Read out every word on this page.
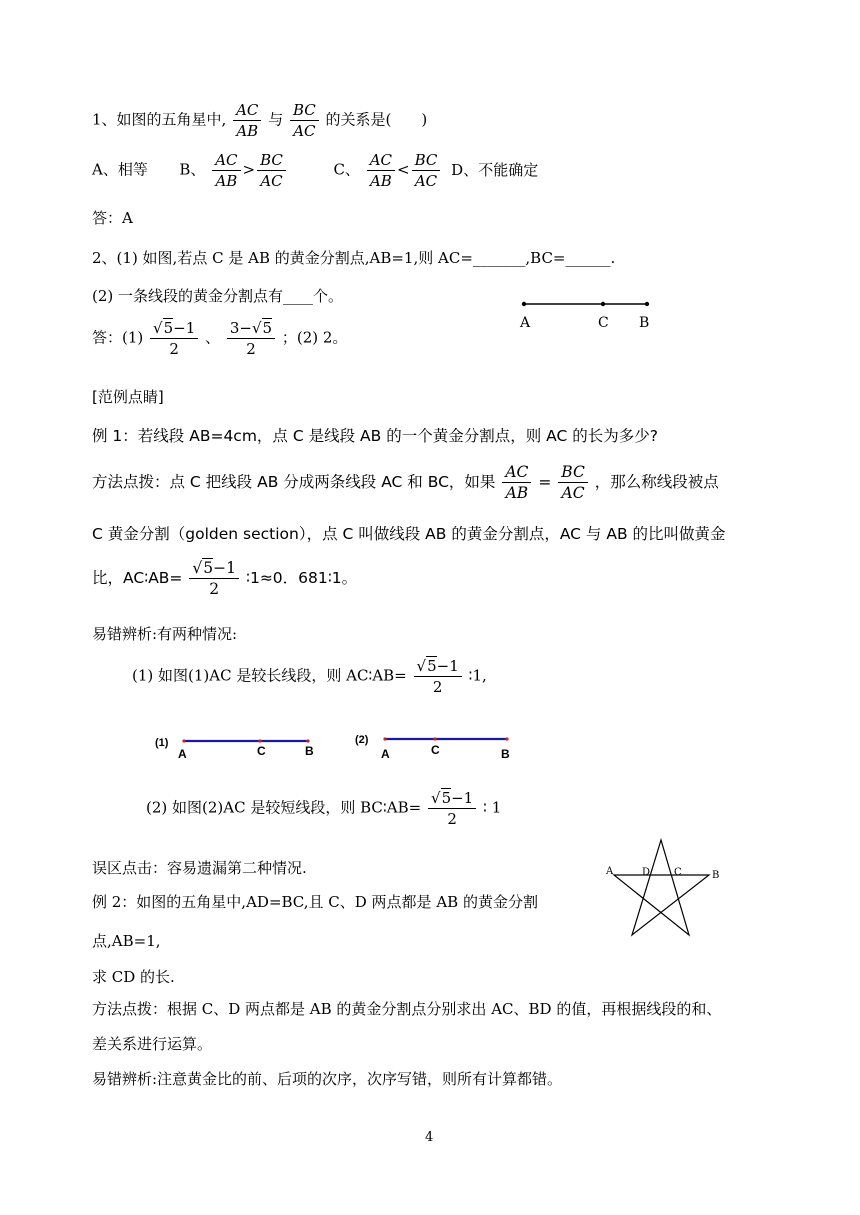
1、如图的五角星中, $\frac{AC}{AB}$ 与 $\frac{BC}{AC}$ 的关系是(　　)
A、相等 B、 $\frac{AC}{AB} > \frac{BC}{AC}$	C、 $\frac{AC}{AB} < \frac{BC}{AC}$ D、不能确定
答：A
2、(1) 如图,若点 C 是 AB 的黄金分割点,AB=1,则 AC=_______,BC=______.
(2) 一条线段的黄金分割点有____个。
A	C B
答：$(1) \frac{√5-1}{2}$ 、 $\frac{3-√5}{2}$ ；(2) 2。
[范例点睛]
例 1：若线段 AB=4cm，点 C 是线段 AB 的一个黄金分割点，则 AC 的长为多少?
方法点拨：点 C 把线段 AB 分成两条线段 AC 和 BC，如果 $\frac{AC}{AB} = \frac{BC}{AC}$ ，那么称线段被点
C 黄金分割（golden section），点 C 叫做线段 AB 的黄金分割点，AC 与 AB 的比叫做黄金
比，AC∶AB= $\frac{√5-1}{2}$ ∶1≈0．681∶1。
易错辨析:有两种情况:
(1) 如图(1)AC 是较长线段，则 AC∶AB= $\frac{√5-1}{2}$ ∶1,
(1)
A	C	B
(2)
A	C	B
(2) 如图(2)AC 是较短线段，则 BC∶AB= $\frac{√5-1}{2}$ ∶ 1
误区点击：容易遗漏第二种情况.
例 2：如图的五角星中,AD=BC,且 C、D 两点都是 AB 的黄金分割
点,AB=1,
求 CD 的长.
A	D C	B
方法点拨：根据 C、D 两点都是 AB 的黄金分割点分别求出 AC、BD 的值，再根据线段的和、
差关系进行运算。
易错辨析:注意黄金比的前、后项的次序，次序写错，则所有计算都错。
4
